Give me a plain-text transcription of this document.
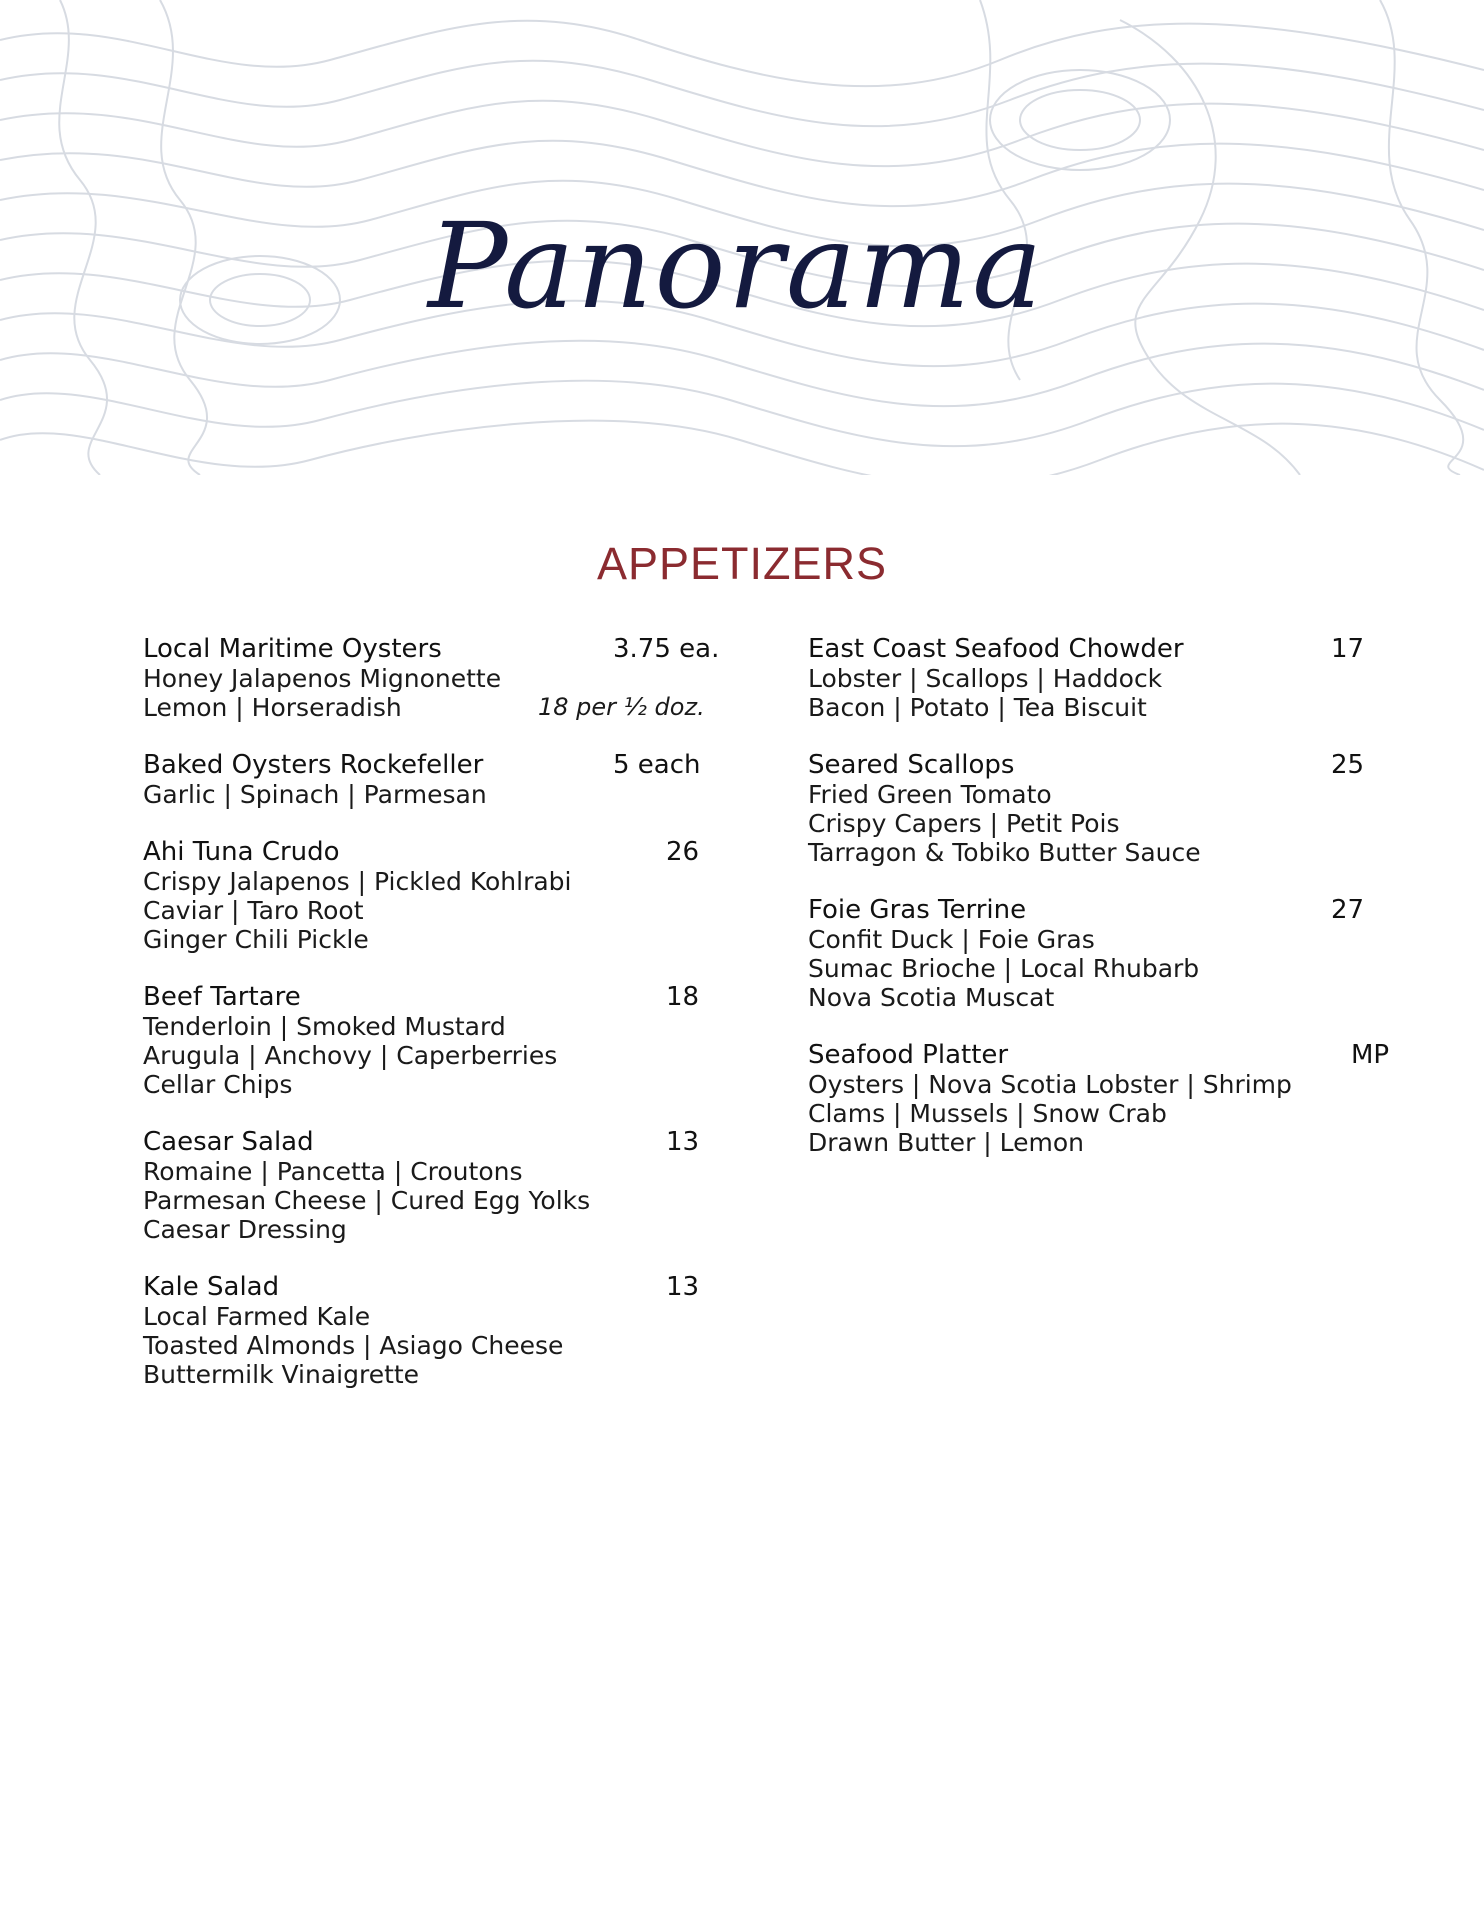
Panorama
APPETIZERS
Local Maritime Oysters	3.75 ea.
Honey Jalapenos Mignonette
Lemon | Horseradish	18 per ½ doz.
Baked Oysters Rockefeller	5 each
Garlic | Spinach | Parmesan
Ahi Tuna Crudo	26
Crispy Jalapenos | Pickled Kohlrabi
Caviar | Taro Root
Ginger Chili Pickle
Beef Tartare	18
Tenderloin | Smoked Mustard
Arugula | Anchovy | Caperberries
Cellar Chips
Caesar Salad	13
Romaine | Pancetta | Croutons
Parmesan Cheese | Cured Egg Yolks
Caesar Dressing
Kale Salad	13
Local Farmed Kale
Toasted Almonds | Asiago Cheese
Buttermilk Vinaigrette
East Coast Seafood Chowder	17
Lobster | Scallops | Haddock
Bacon | Potato | Tea Biscuit
Seared Scallops	25
Fried Green Tomato
Crispy Capers | Petit Pois
Tarragon & Tobiko Butter Sauce
Foie Gras Terrine	27
Confit Duck | Foie Gras
Sumac Brioche | Local Rhubarb
Nova Scotia Muscat
Seafood Platter	MP
Oysters | Nova Scotia Lobster | Shrimp
Clams | Mussels | Snow Crab
Drawn Butter | Lemon
